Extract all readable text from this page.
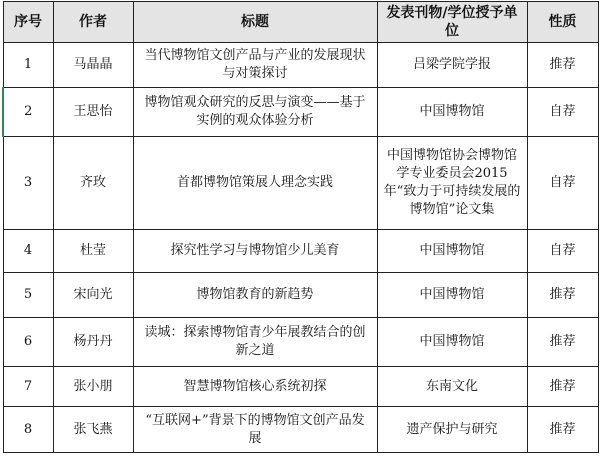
序号	作者	标题	发表刊物/学位授予单位	性质
1	马晶晶	当代博物馆文创产品与产业的发展现状与对策探讨	吕梁学院学报	推荐
2	王思怡	博物馆观众研究的反思与演变——基于实例的观众体验分析	中国博物馆	自荐
3	齐玫	首都博物馆策展人理念实践	中国博物馆协会博物馆学专业委员会2015年“致力于可持续发展的博物馆”论文集	自荐
4	杜莹	探究性学习与博物馆少儿美育	中国博物馆	自荐
5	宋向光	博物馆教育的新趋势	中国博物馆	推荐
6	杨丹丹	读城：探索博物馆青少年展教结合的创新之道	中国博物馆	推荐
7	张小朋	智慧博物馆核心系统初探	东南文化	推荐
8	张飞燕	“互联网+”背景下的博物馆文创产品发展	遗产保护与研究	推荐
